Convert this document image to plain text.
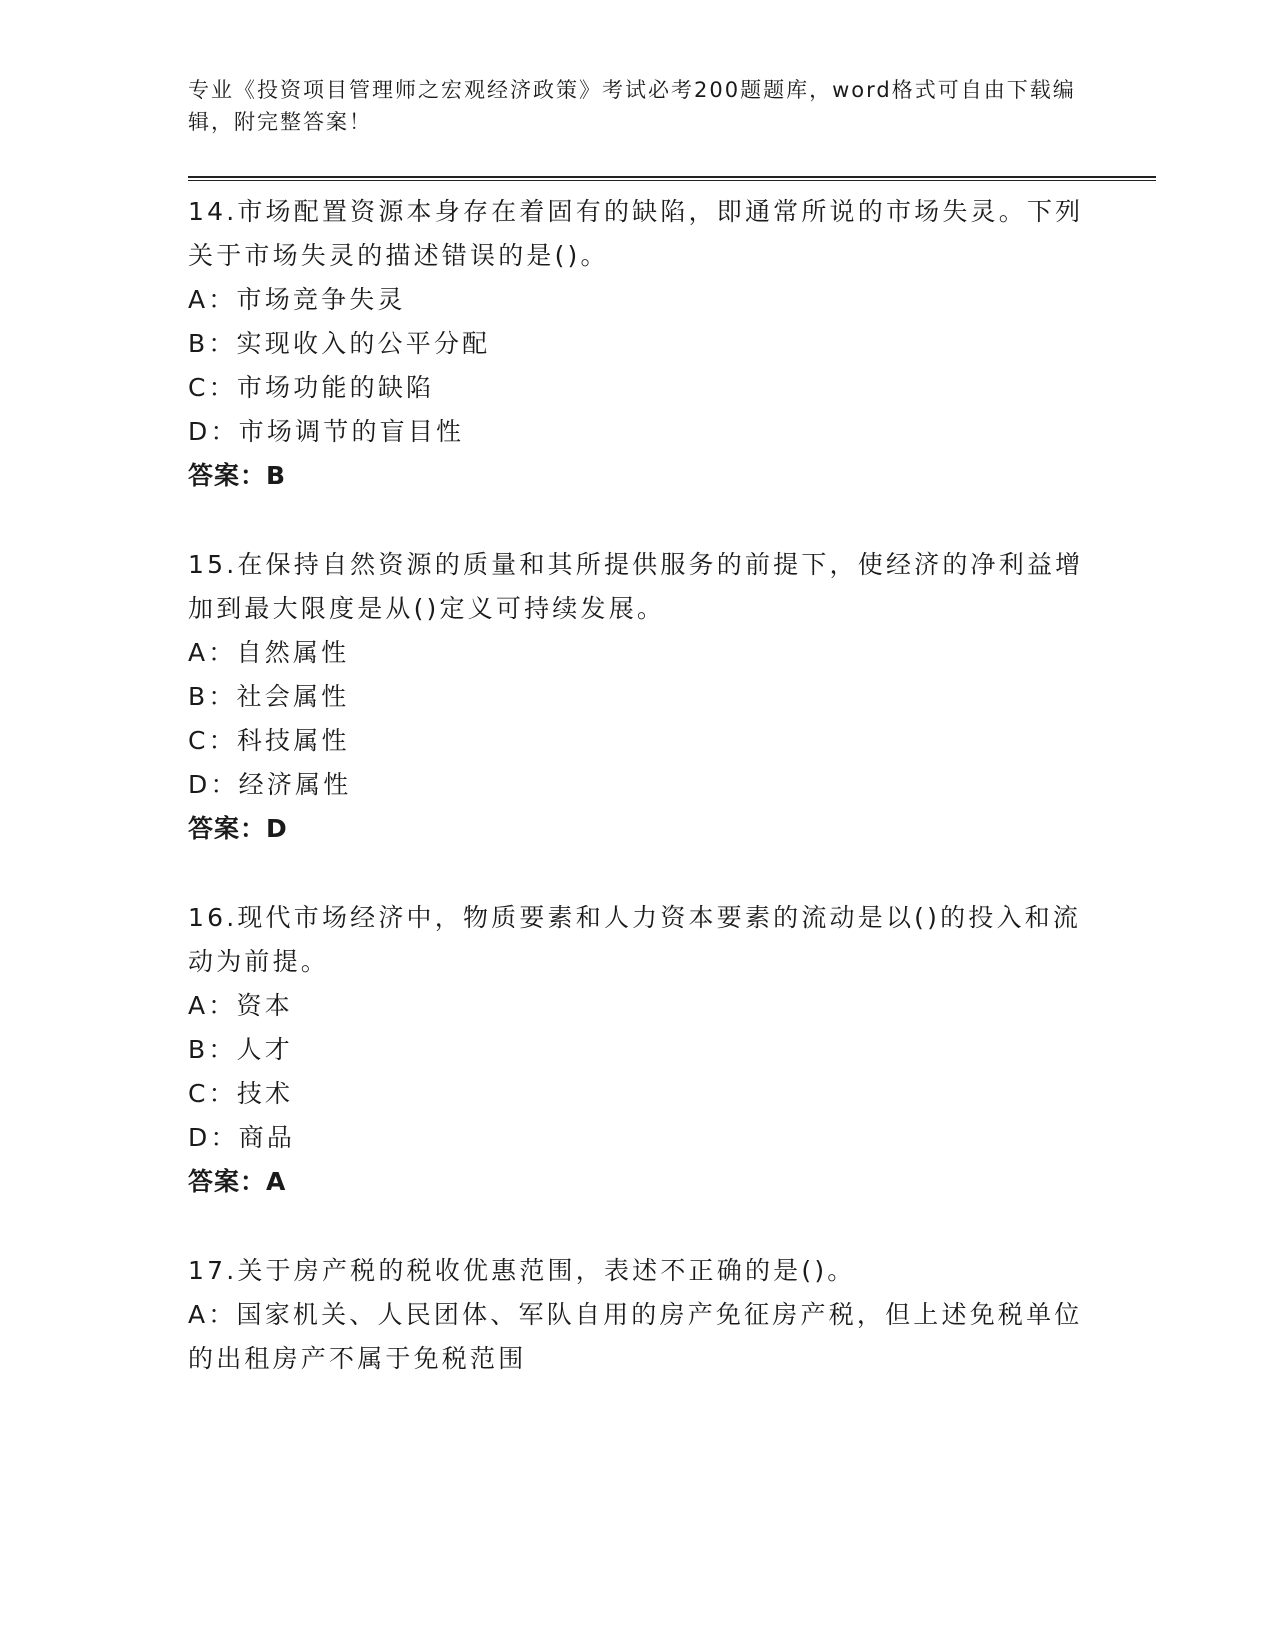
专业《投资项目管理师之宏观经济政策》考试必考200题题库，word格式可自由下载编辑，附完整答案！

14.市场配置资源本身存在着固有的缺陷，即通常所说的市场失灵。下列关于市场失灵的描述错误的是()。

A：市场竞争失灵

B：实现收入的公平分配

C：市场功能的缺陷

D：市场调节的盲目性

答案：B

15.在保持自然资源的质量和其所提供服务的前提下，使经济的净利益增加到最大限度是从()定义可持续发展。

A：自然属性

B：社会属性

C：科技属性

D：经济属性

答案：D

16.现代市场经济中，物质要素和人力资本要素的流动是以()的投入和流动为前提。

A：资本

B：人才

C：技术

D：商品

答案：A

17.关于房产税的税收优惠范围，表述不正确的是()。

A：国家机关、人民团体、军队自用的房产免征房产税，但上述免税单位的出租房产不属于免税范围
